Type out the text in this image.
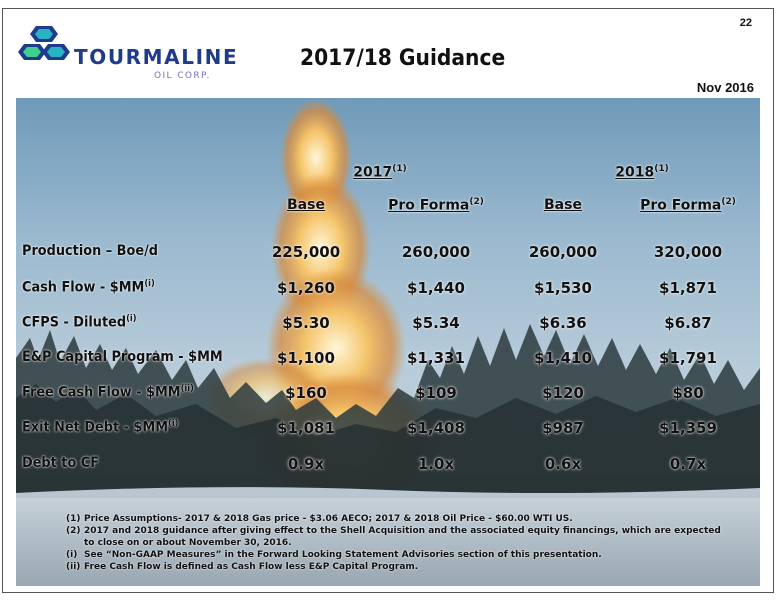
22
TOURMALINE
OIL CORP.
2017/18 Guidance
Nov 2016
2017(1)	2018(1)
Base	Pro Forma(2)	Base	Pro Forma(2)
Production – Boe/d	225,000	260,000	260,000	320,000
Cash Flow - $MM(i)	$1,260	$1,440	$1,530	$1,871
CFPS - Diluted(i)	$5.30	$5.34	$6.36	$6.87
E&P Capital Program - $MM	$1,100	$1,331	$1,410	$1,791
Free Cash Flow - $MM(ii)	$160	$109	$120	$80
Exit Net Debt - $MM(i)	$1,081	$1,408	$987	$1,359
Debt to CF	0.9x	1.0x	0.6x	0.7x
(1) Price Assumptions- 2017 & 2018 Gas price - $3.06 AECO; 2017 & 2018 Oil Price - $60.00 WTI US.
(2) 2017 and 2018 guidance after giving effect to the Shell Acquisition and the associated equity financings, which are expected to close on or about November 30, 2016.
(i) See “Non-GAAP Measures” in the Forward Looking Statement Advisories section of this presentation.
(ii) Free Cash Flow is defined as Cash Flow less E&P Capital Program.
